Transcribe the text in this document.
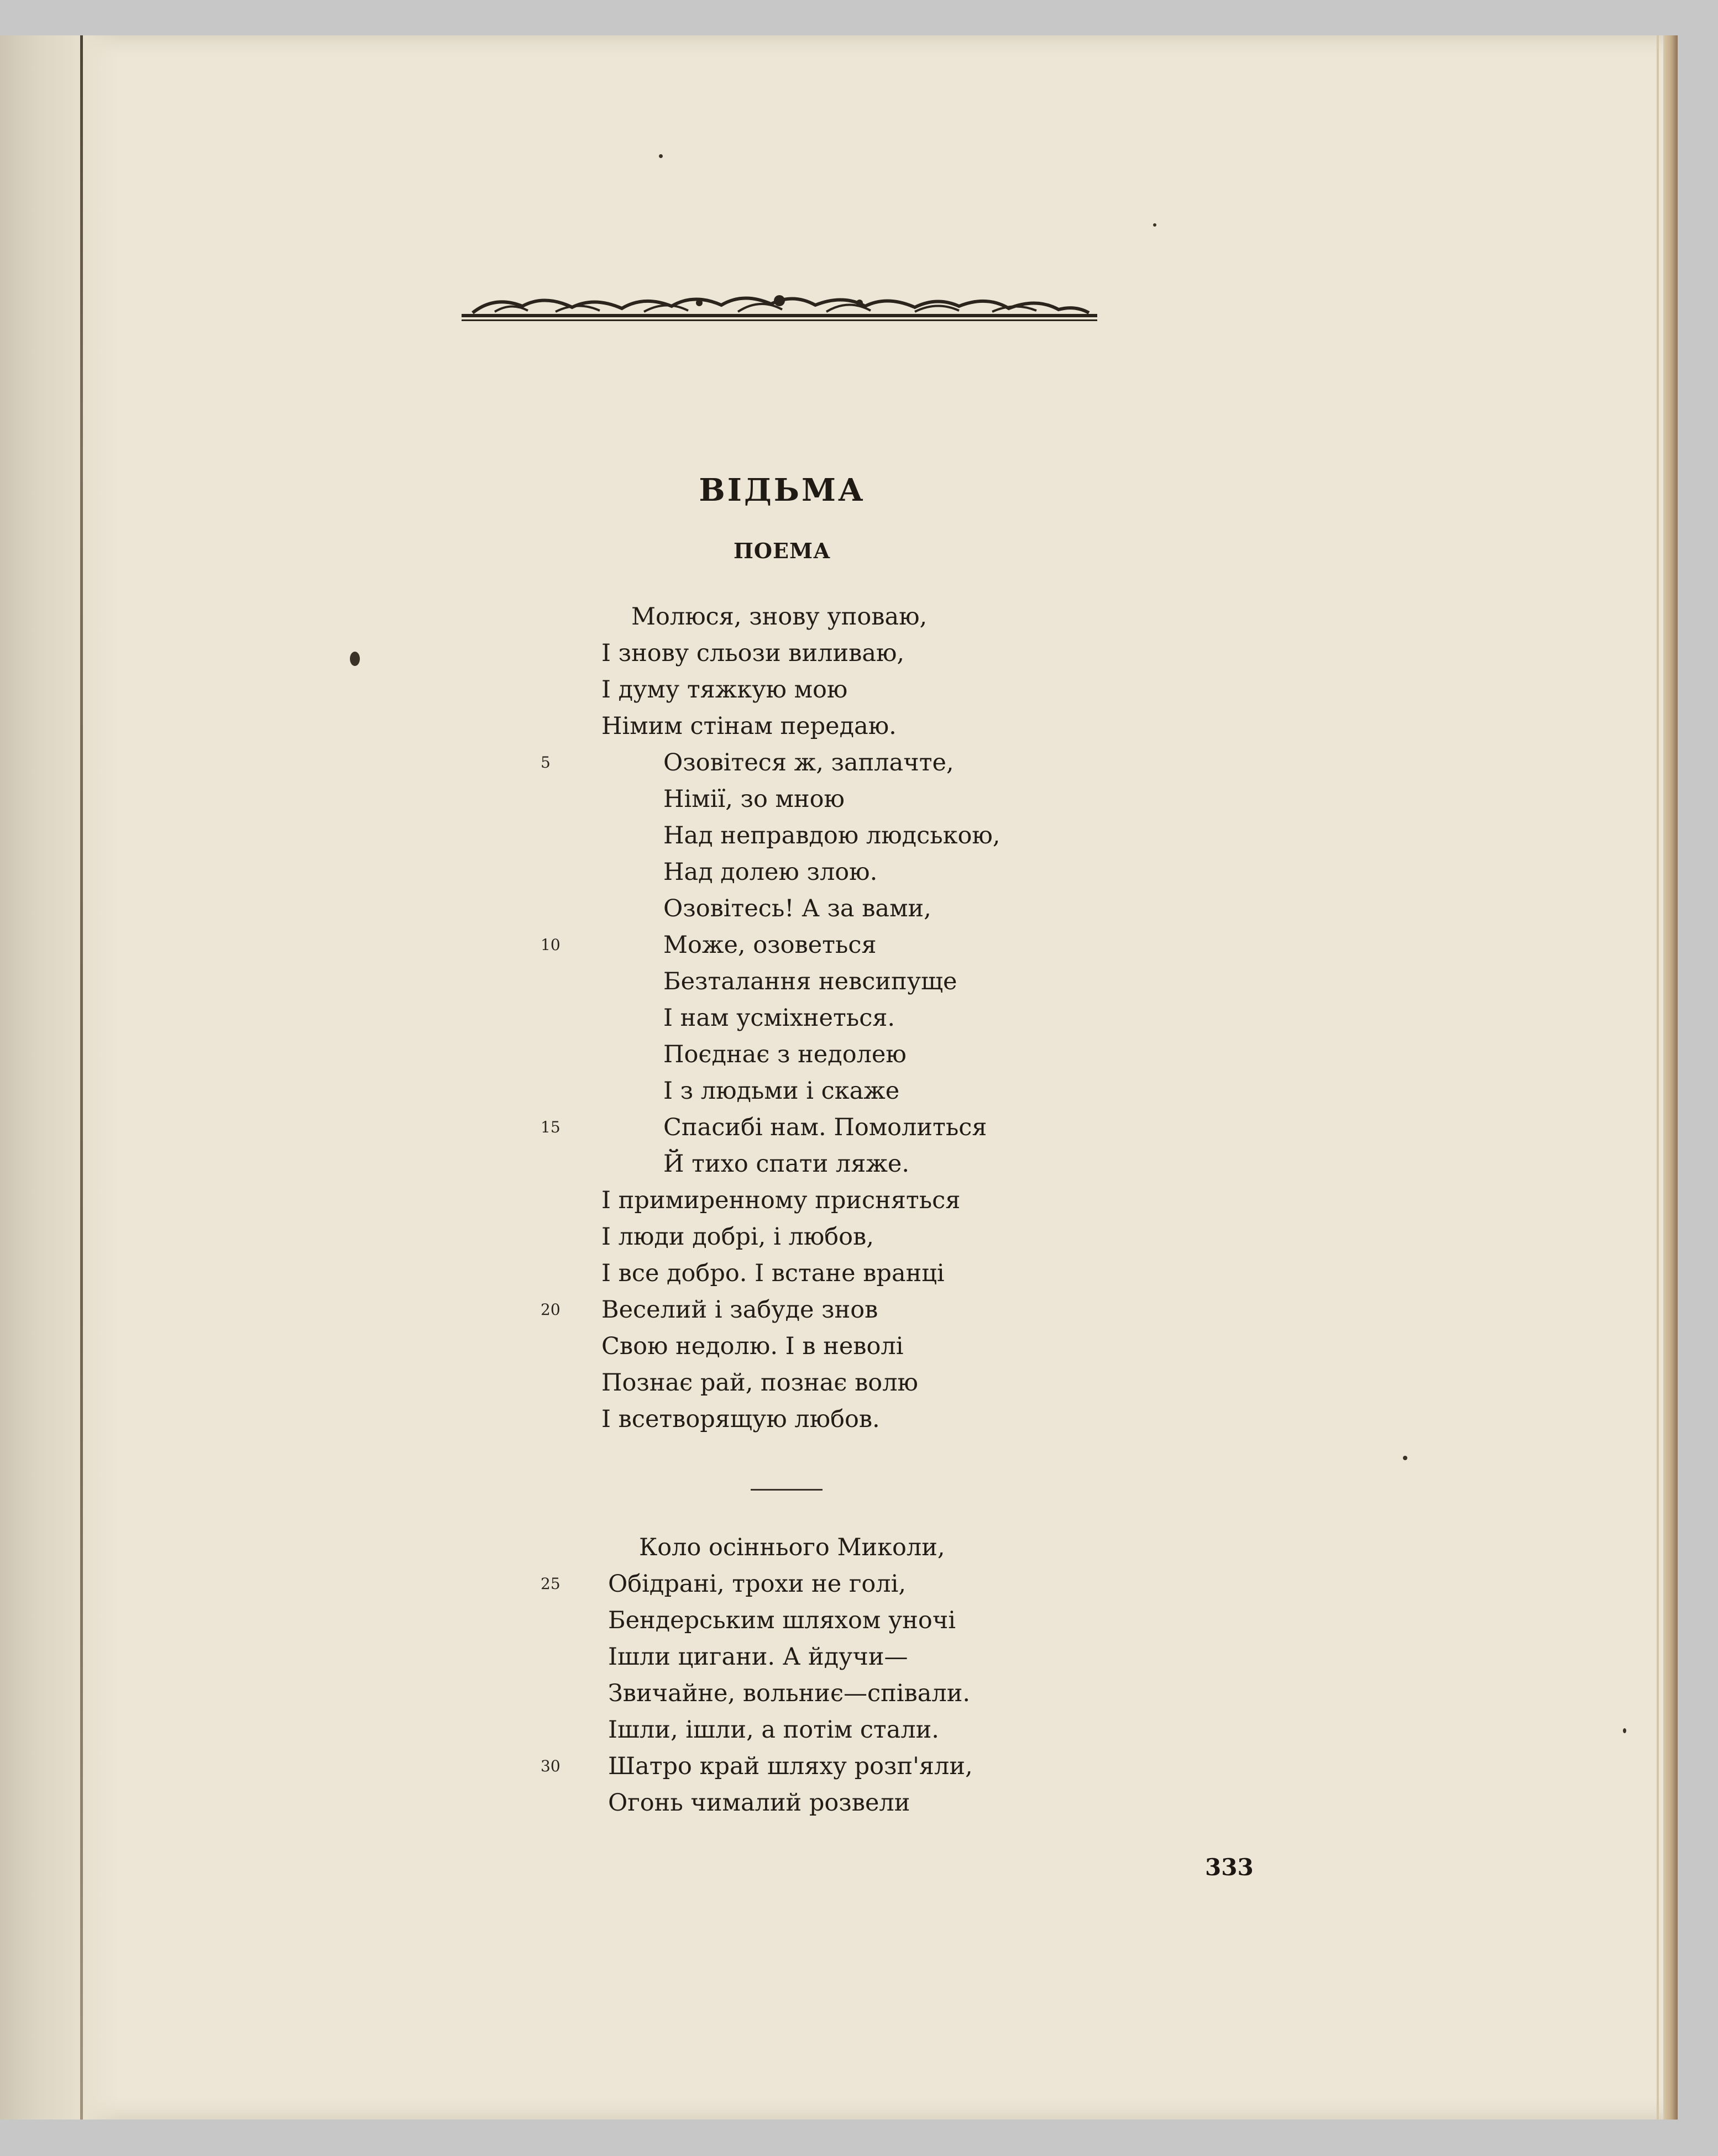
ВІДЬМА
ПОЕМА
Молюся, знову уповаю,
І знову сльози виливаю,
І думу тяжкую мою
Німим стінам передаю.
Озовітеся ж, заплачте,
Німії, зо мною
Над неправдою людською,
Над долею злою.
Озовітесь! А за вами,
Може, озоветься
Безталання невсипуще
І нам усміхнеться.
Поєднає з недолею
І з людьми і скаже
Спасибі нам. Помолиться
Й тихо спати ляже.
І примиренному присняться
І люди добрі, і любов,
І все добро. І встане вранці
Веселий і забуде знов
Свою недолю. І в неволі
Познає рай, познає волю
І всетворящую любов.
Коло осіннього Миколи,
Обідрані, трохи не голі,
Бендерським шляхом уночі
Ішли цигани. А йдучи—
Звичайне, вольниє—співали.
Ішли, ішли, а потім стали.
Шатро край шляху розп'яли,
Огонь чималий розвели
5
10
15
20
25
30
333
